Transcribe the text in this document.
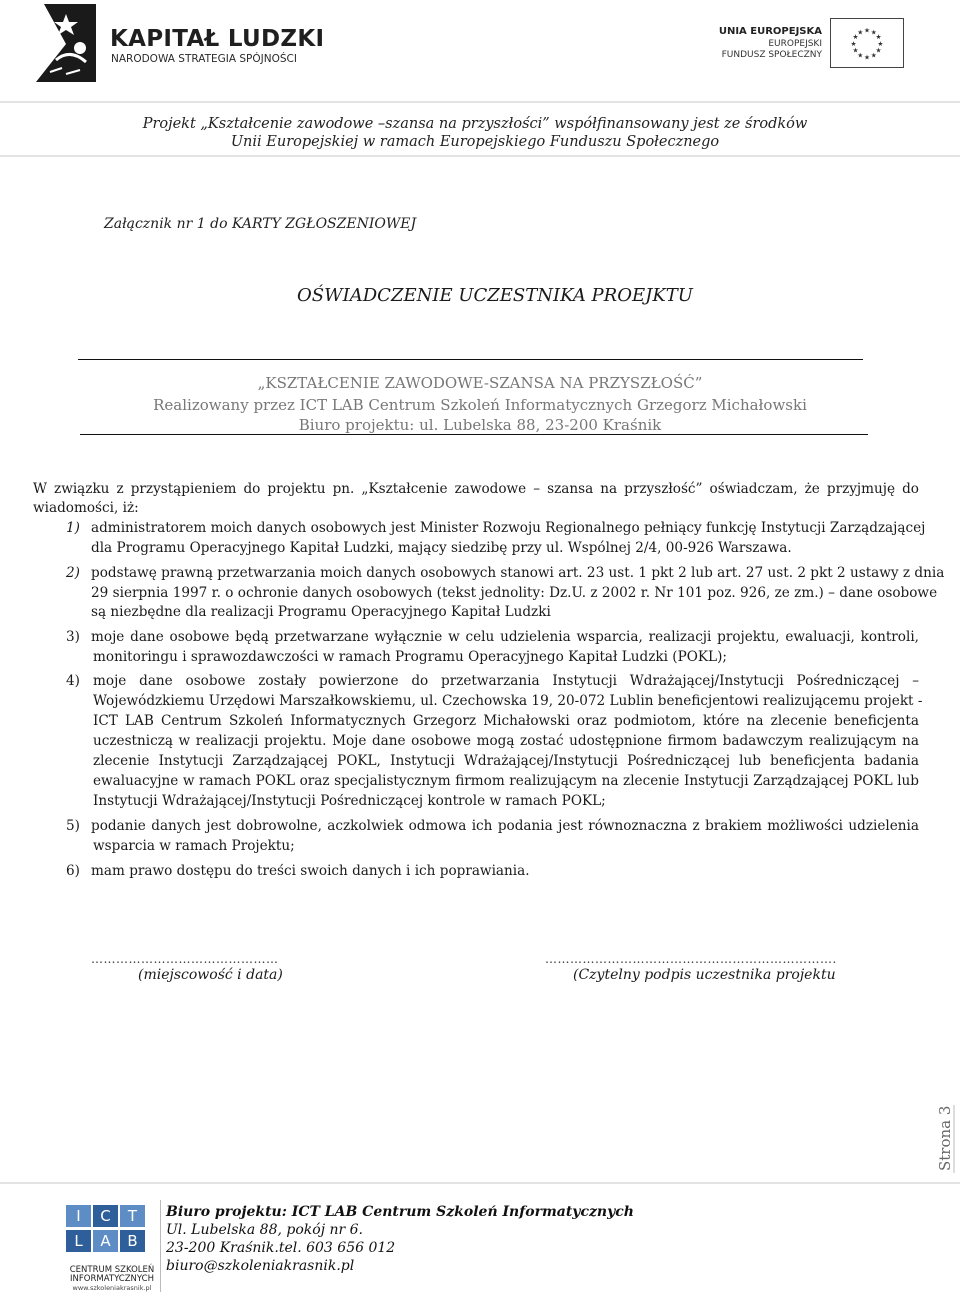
KAPITAŁ LUDZKI
NARODOWA STRATEGIA SPÓJNOŚCI
UNIA EUROPEJSKA
EUROPEJSKI
FUNDUSZ SPOŁECZNY
★ ★
★
★
★
★
★
★
★
★
★
★
Projekt „Kształcenie zawodowe –szansa na przyszłości” współfinansowany jest ze środków
Unii Europejskiej w ramach Europejskiego Funduszu Społecznego
Załącznik nr 1 do KARTY ZGŁOSZENIOWEJ
OŚWIADCZENIE UCZESTNIKA PROEJKTU
„KSZTAŁCENIE ZAWODOWE-SZANSA NA PRZYSZŁOŚĆ”
Realizowany przez ICT LAB Centrum Szkoleń Informatycznych Grzegorz Michałowski
Biuro projektu: ul. Lubelska 88, 23-200 Kraśnik
W związku z przystąpieniem do projektu pn. „Kształcenie zawodowe – szansa na przyszłość” oświadczam, że przyjmuję do
wiadomości, iż:
1) administratorem moich danych osobowych jest Minister Rozwoju Regionalnego pełniący funkcję Instytucji Zarządzającej
dla Programu Operacyjnego Kapitał Ludzki, mający siedzibę przy ul. Wspólnej 2/4, 00-926 Warszawa.
2) podstawę prawną przetwarzania moich danych osobowych stanowi art. 23 ust. 1 pkt 2 lub art. 27 ust. 2 pkt 2 ustawy z dnia
29 sierpnia 1997 r. o ochronie danych osobowych (tekst jednolity: Dz.U. z 2002 r. Nr 101 poz. 926, ze zm.) – dane osobowe
są niezbędne dla realizacji Programu Operacyjnego Kapitał Ludzki
3) moje dane osobowe będą przetwarzane wyłącznie w celu udzielenia wsparcia, realizacji projektu, ewaluacji, kontroli,
monitoringu i sprawozdawczości w ramach Programu Operacyjnego Kapitał Ludzki (POKL);
4) moje dane osobowe zostały powierzone do przetwarzania Instytucji Wdrażającej/Instytucji Pośredniczącej –
Wojewódzkiemu Urzędowi Marszałkowskiemu, ul. Czechowska 19, 20-072 Lublin beneficjentowi realizującemu projekt -
ICT LAB Centrum Szkoleń Informatycznych Grzegorz Michałowski oraz podmiotom, które na zlecenie beneficjenta
uczestniczą w realizacji projektu. Moje dane osobowe mogą zostać udostępnione firmom badawczym realizującym na
zlecenie Instytucji Zarządzającej POKL, Instytucji Wdrażającej/Instytucji Pośredniczącej lub beneficjenta badania
ewaluacyjne w ramach POKL oraz specjalistycznym firmom realizującym na zlecenie Instytucji Zarządzającej POKL lub
Instytucji Wdrażającej/Instytucji Pośredniczącej kontrole w ramach POKL;
5) podanie danych jest dobrowolne, aczkolwiek odmowa ich podania jest równoznaczna z brakiem możliwości udzielenia
wsparcia w ramach Projektu;
6) mam prawo dostępu do treści swoich danych i ich poprawiania.
………………………………………	…………………………………………………………….
(miejscowość i data)	(Czytelny podpis uczestnika projektu
Strona 3
I	C	T
L	A	B
CENTRUM SZKOLEŃ
INFORMATYCZNYCH
www.szkoleniakrasnik.pl
Biuro projektu: ICT LAB Centrum Szkoleń Informatycznych
Ul. Lubelska 88, pokój nr 6.
23-200 Kraśnik.tel. 603 656 012
biuro@szkoleniakrasnik.pl
